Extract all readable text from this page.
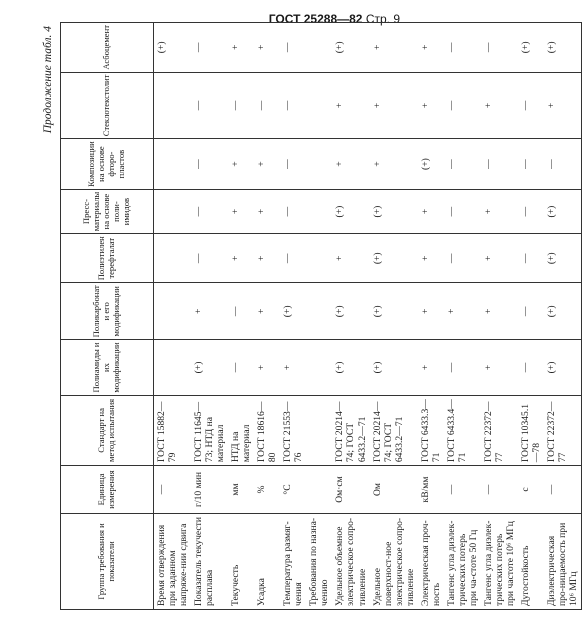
ГОСТ 25288—82 Стр. 9
Продолжение табл. 4
Группа требования и показатели	Единица измерения	Стандарт на метод испытания	Полиамиды и их модификации	Поликарбонат и его модификации	Полиэтилен терефталат	Пресс-материалы на основе поли-имидов	Композиции на основе фторо-пластов	Стеклотекстолит	Асбоцемент
Время отверждения при заданном напряже-нии сдвига	—	ГОСТ 15882—79							(+)

Показатель текучести расплава	г/10 мин	ГОСТ 11645—73; НТД на материал	(+)	+	—	—	—	—	—

Текучесть	мм	НТД на материал	—	—	+	+	+	—	+

Усадка	%	ГОСТ 18616—80	+	+	+	+	+	—	+

Температура размяг-чения	°С	ГОСТ 21553—76	+	(+)	—	—	—	—	—

Требования по назна-чению			

Удельное объемное электрическое сопро-тивление	Ом·см	ГОСТ 20214—74; ГОСТ 6433.2—71	(+)	(+)	+	(+)	+	+	(+)

Удельное поверхност-ное электрическое сопро-тивление	Ом	ГОСТ 20214—74; ГОСТ 6433.2—71	(+)	(+)	(+)	(+)	+	+	+

Электрическая проч-ность	кВ/мм	ГОСТ 6433.3—71	+	+	+	+	(+)	+	+

Тангенс угла диэлек-трических потерь при ча-стоте 50 Гц	—	ГОСТ 6433.4—71	—	+	—	—	—	—	—

Тангенс угла диэлек-трических потерь при частоте 10⁶ МГц	—	ГОСТ 22372—77	+	+	+	+	—	+	—

Дугостойкость	с	ГОСТ 10345.1—78	—	—	—	—	—	—	(+)

Диэлектрическая про-ницаемость при 10⁶ МГц	—	ГОСТ 22372—77	(+)	(+)	(+)	(+)	—	+	(+)
